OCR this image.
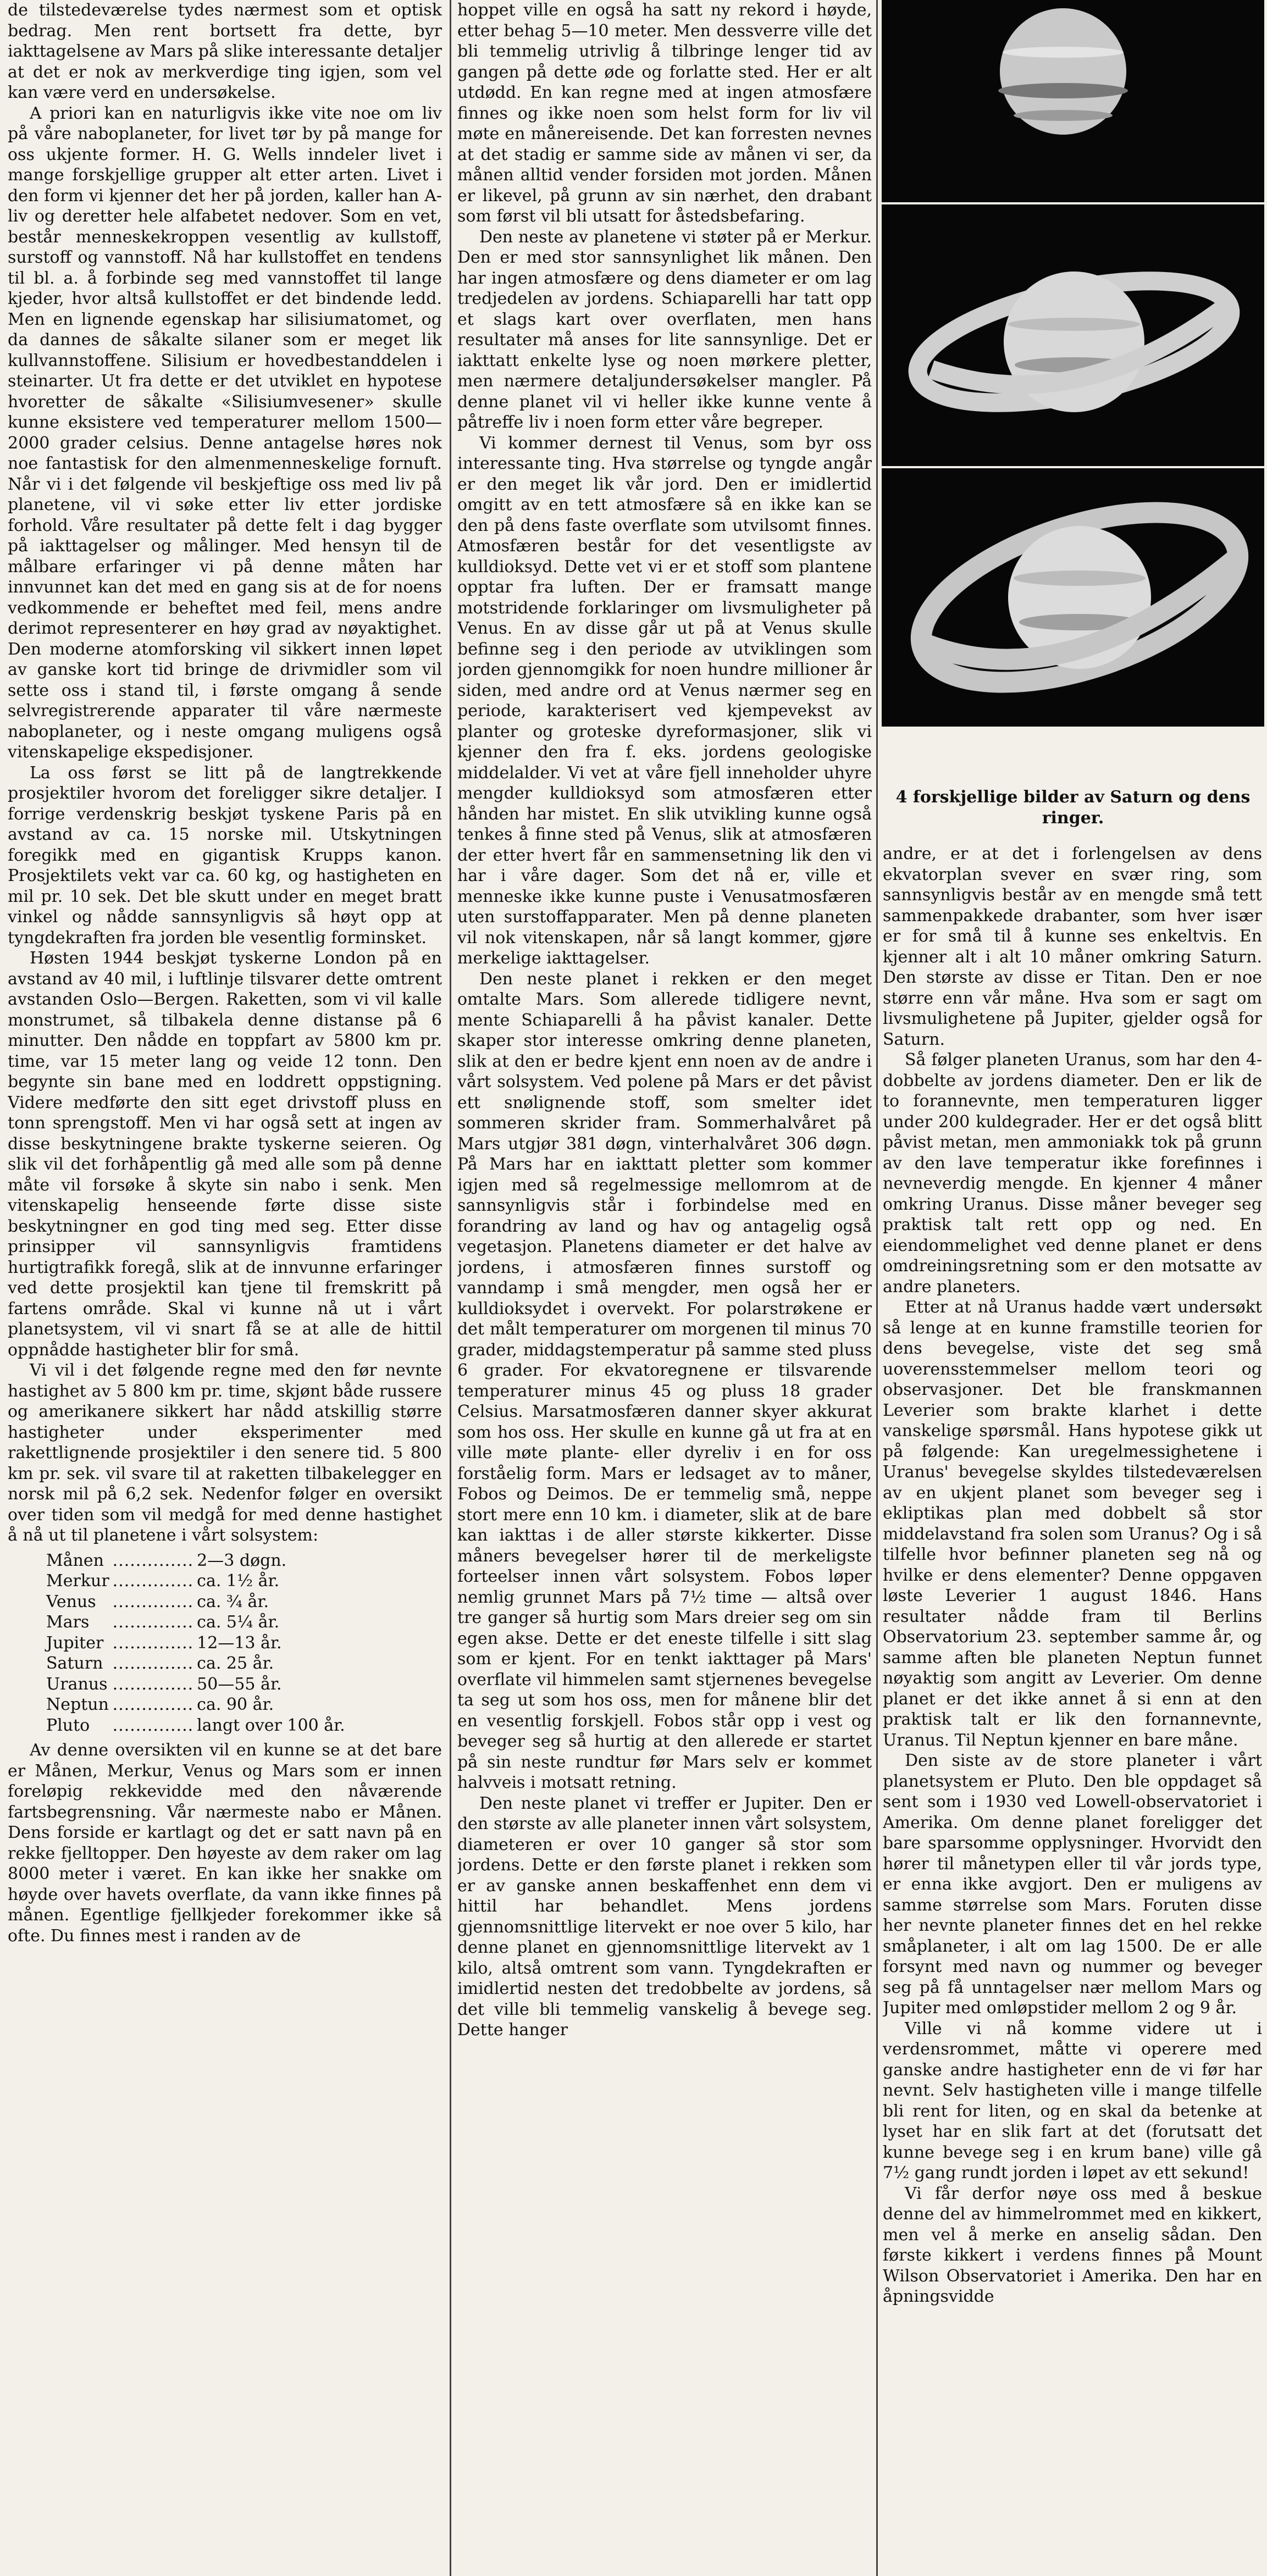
de tilstedeværelse tydes nærmest som et optisk bedrag. Men rent bortsett fra dette, byr iakttagelsene av Mars på slike interessante detaljer at det er nok av merkverdige ting igjen, som vel kan være verd en undersøkelse.

A priori kan en naturligvis ikke vite noe om liv på våre naboplaneter, for livet tør by på mange for oss ukjente former. H. G. Wells inndeler livet i mange forskjellige grupper alt etter arten. Livet i den form vi kjenner det her på jorden, kaller han A-liv og deretter hele alfabetet nedover. Som en vet, består menneskekroppen vesentlig av kullstoff, surstoff og vannstoff. Nå har kullstoffet en tendens til bl. a. å forbinde seg med vannstoffet til lange kjeder, hvor altså kullstoffet er det bindende ledd. Men en lignende egenskap har silisiumatomet, og da dannes de såkalte silaner som er meget lik kullvannstoffene. Silisium er hovedbestanddelen i steinarter. Ut fra dette er det utviklet en hypotese hvoretter de såkalte «Silisiumvesener» skulle kunne eksistere ved temperaturer mellom 1500—2000 grader celsius. Denne antagelse høres nok noe fantastisk for den almenmenneskelige fornuft. Når vi i det følgende vil beskjeftige oss med liv på planetene, vil vi søke etter liv etter jordiske forhold. Våre resultater på dette felt i dag bygger på iakttagelser og målinger. Med hensyn til de målbare erfaringer vi på denne måten har innvunnet kan det med en gang sis at de for noens vedkommende er beheftet med feil, mens andre derimot representerer en høy grad av nøyaktighet. Den moderne atomforsking vil sikkert innen løpet av ganske kort tid bringe de drivmidler som vil sette oss i stand til, i første omgang å sende selvregistrerende apparater til våre nærmeste naboplaneter, og i neste omgang muligens også vitenskapelige ekspedisjoner.

La oss først se litt på de langtrekkende prosjektiler hvorom det foreligger sikre detaljer. I forrige verdenskrig beskjøt tyskene Paris på en avstand av ca. 15 norske mil. Utskytningen foregikk med en gigantisk Krupps kanon. Prosjektilets vekt var ca. 60 kg, og hastigheten en mil pr. 10 sek. Det ble skutt under en meget bratt vinkel og nådde sannsynligvis så høyt opp at tyngdekraften fra jorden ble vesentlig forminsket.

Høsten 1944 beskjøt tyskerne London på en avstand av 40 mil, i luftlinje tilsvarer dette omtrent avstanden Oslo—Bergen. Raketten, som vi vil kalle monstrumet, så tilbakela denne distanse på 6 minutter. Den nådde en toppfart av 5800 km pr. time, var 15 meter lang og veide 12 tonn. Den begynte sin bane med en loddrett oppstigning. Videre medførte den sitt eget drivstoff pluss en tonn sprengstoff. Men vi har også sett at ingen av disse beskytningene brakte tyskerne seieren. Og slik vil det forhåpentlig gå med alle som på denne måte vil forsøke å skyte sin nabo i senk. Men vitenskapelig henseende førte disse siste beskytningner en god ting med seg. Etter disse prinsipper vil sannsynligvis framtidens hurtigtrafikk foregå, slik at de innvunne erfaringer ved dette prosjektil kan tjene til fremskritt på fartens område. Skal vi kunne nå ut i vårt planetsystem, vil vi snart få se at alle de hittil oppnådde hastigheter blir for små.

Vi vil i det følgende regne med den før nevnte hastighet av 5 800 km pr. time, skjønt både russere og amerikanere sikkert har nådd atskillig større hastigheter under eksperimenter med rakettlignende prosjektiler i den senere tid. 5 800 km pr. sek. vil svare til at raketten tilbakelegger en norsk mil på 6,2 sek. Nedenfor følger en oversikt over tiden som vil medgå for med denne hastighet å nå ut til planetene i vårt solsystem:

Månen	..............	2—3 døgn.
Merkur	..............	ca. 1½ år.
Venus	..............	ca. ¾ år.
Mars	..............	ca. 5¼ år.
Jupiter	..............	12—13 år.
Saturn	..............	ca. 25 år.
Uranus	..............	50—55 år.
Neptun	..............	ca. 90 år.
Pluto	..............	langt over 100 år.

Av denne oversikten vil en kunne se at det bare er Månen, Merkur, Venus og Mars som er innen foreløpig rekkevidde med den nåværende fartsbegrensning. Vår nærmeste nabo er Månen. Dens forside er kartlagt og det er satt navn på en rekke fjelltopper. Den høyeste av dem raker om lag 8000 meter i været. En kan ikke her snakke om høyde over havets overflate, da vann ikke finnes på månen. Egentlige fjellkjeder forekommer ikke så ofte. Du finnes mest i randen av de

hoppet ville en også ha satt ny rekord i høyde, etter behag 5—10 meter. Men dessverre ville det bli temmelig utrivlig å tilbringe lenger tid av gangen på dette øde og forlatte sted. Her er alt utdødd. En kan regne med at ingen atmosfære finnes og ikke noen som helst form for liv vil møte en månereisende. Det kan forresten nevnes at det stadig er samme side av månen vi ser, da månen alltid vender forsiden mot jorden. Månen er likevel, på grunn av sin nærhet, den drabant som først vil bli utsatt for åstedsbefaring.

Den neste av planetene vi støter på er Merkur. Den er med stor sannsynlighet lik månen. Den har ingen atmosfære og dens diameter er om lag tredjedelen av jordens. Schiaparelli har tatt opp et slags kart over overflaten, men hans resultater må anses for lite sannsynlige. Det er iakttatt enkelte lyse og noen mørkere pletter, men nærmere detaljundersøkelser mangler. På denne planet vil vi heller ikke kunne vente å påtreffe liv i noen form etter våre begreper.

Vi kommer dernest til Venus, som byr oss interessante ting. Hva størrelse og tyngde angår er den meget lik vår jord. Den er imidlertid omgitt av en tett atmosfære så en ikke kan se den på dens faste overflate som utvilsomt finnes. Atmosfæren består for det vesentligste av kulldioksyd. Dette vet vi er et stoff som plantene opptar fra luften. Der er framsatt mange motstridende forklaringer om livsmuligheter på Venus. En av disse går ut på at Venus skulle befinne seg i den periode av utviklingen som jorden gjennomgikk for noen hundre millioner år siden, med andre ord at Venus nærmer seg en periode, karakterisert ved kjempevekst av planter og groteske dyreformasjoner, slik vi kjenner den fra f. eks. jordens geologiske middelalder. Vi vet at våre fjell inneholder uhyre mengder kulldioksyd som atmosfæren etter hånden har mistet. En slik utvikling kunne også tenkes å finne sted på Venus, slik at atmosfæren der etter hvert får en sammensetning lik den vi har i våre dager. Som det nå er, ville et menneske ikke kunne puste i Venusatmosfæren uten surstoffapparater. Men på denne planeten vil nok vitenskapen, når så langt kommer, gjøre merkelige iakttagelser.

Den neste planet i rekken er den meget omtalte Mars. Som allerede tidligere nevnt, mente Schiaparelli å ha påvist kanaler. Dette skaper stor interesse omkring denne planeten, slik at den er bedre kjent enn noen av de andre i vårt solsystem. Ved polene på Mars er det påvist ett snølignende stoff, som smelter idet sommeren skrider fram. Sommerhalvåret på Mars utgjør 381 døgn, vinterhalvåret 306 døgn. På Mars har en iakttatt pletter som kommer igjen med så regelmessige mellomrom at de sannsynligvis står i forbindelse med en forandring av land og hav og antagelig også vegetasjon. Planetens diameter er det halve av jordens, i atmosfæren finnes surstoff og vanndamp i små mengder, men også her er kulldioksydet i overvekt. For polarstrøkene er det målt temperaturer om morgenen til minus 70 grader, middagstemperatur på samme sted pluss 6 grader. For ekvatoregnene er tilsvarende temperaturer minus 45 og pluss 18 grader Celsius. Marsatmosfæren danner skyer akkurat som hos oss. Her skulle en kunne gå ut fra at en ville møte plante- eller dyreliv i en for oss forståelig form. Mars er ledsaget av to måner, Fobos og Deimos. De er temmelig små, neppe stort mere enn 10 km. i diameter, slik at de bare kan iakttas i de aller største kikkerter. Disse måners bevegelser hører til de merkeligste forteelser innen vårt solsystem. Fobos løper nemlig grunnet Mars på 7½ time — altså over tre ganger så hurtig som Mars dreier seg om sin egen akse. Dette er det eneste tilfelle i sitt slag som er kjent. For en tenkt iakttager på Mars' overflate vil himmelen samt stjernenes bevegelse ta seg ut som hos oss, men for månene blir det en vesentlig forskjell. Fobos står opp i vest og beveger seg så hurtig at den allerede er startet på sin neste rundtur før Mars selv er kommet halvveis i motsatt retning.

Den neste planet vi treffer er Jupiter. Den er den største av alle planeter innen vårt solsystem, diameteren er over 10 ganger så stor som jordens. Dette er den første planet i rekken som er av ganske annen beskaffenhet enn dem vi hittil har behandlet. Mens jordens gjennomsnittlige litervekt er noe over 5 kilo, har denne planet en gjennomsnittlige litervekt av 1 kilo, altså omtrent som vann. Tyngdekraften er imidlertid nesten det tredobbelte av jordens, så det ville bli temmelig vanskelig å bevege seg. Dette hanger

4 forskjellige bilder av Saturn og dens ringer.

andre, er at det i forlengelsen av dens ekvatorplan svever en svær ring, som sannsynligvis består av en mengde små tett sammenpakkede drabanter, som hver især er for små til å kunne ses enkeltvis. En kjenner alt i alt 10 måner omkring Saturn. Den største av disse er Titan. Den er noe større enn vår måne. Hva som er sagt om livsmulighetene på Jupiter, gjelder også for Saturn.

Så følger planeten Uranus, som har den 4-dobbelte av jordens diameter. Den er lik de to forannevnte, men temperaturen ligger under 200 kuldegrader. Her er det også blitt påvist metan, men ammoniakk tok på grunn av den lave temperatur ikke forefinnes i nevneverdig mengde. En kjenner 4 måner omkring Uranus. Disse måner beveger seg praktisk talt rett opp og ned. En eiendommelighet ved denne planet er dens omdreiningsretning som er den motsatte av andre planeters.

Etter at nå Uranus hadde vært undersøkt så lenge at en kunne framstille teorien for dens bevegelse, viste det seg små uoverensstemmelser mellom teori og observasjoner. Det ble franskmannen Leverier som brakte klarhet i dette vanskelige spørsmål. Hans hypotese gikk ut på følgende: Kan uregelmessighetene i Uranus' bevegelse skyldes tilstedeværelsen av en ukjent planet som beveger seg i ekliptikas plan med dobbelt så stor middelavstand fra solen som Uranus? Og i så tilfelle hvor befinner planeten seg nå og hvilke er dens elementer? Denne oppgaven løste Leverier 1 august 1846. Hans resultater nådde fram til Berlins Observatorium 23. september samme år, og samme aften ble planeten Neptun funnet nøyaktig som angitt av Leverier. Om denne planet er det ikke annet å si enn at den praktisk talt er lik den fornannevnte, Uranus. Til Neptun kjenner en bare måne.

Den siste av de store planeter i vårt planetsystem er Pluto. Den ble oppdaget så sent som i 1930 ved Lowell-observatoriet i Amerika. Om denne planet foreligger det bare sparsomme opplysninger. Hvorvidt den hører til månetypen eller til vår jords type, er enna ikke avgjort. Den er muligens av samme størrelse som Mars. Foruten disse her nevnte planeter finnes det en hel rekke småplaneter, i alt om lag 1500. De er alle forsynt med navn og nummer og beveger seg på få unntagelser nær mellom Mars og Jupiter med omløpstider mellom 2 og 9 år.

Ville vi nå komme videre ut i verdensrommet, måtte vi operere med ganske andre hastigheter enn de vi før har nevnt. Selv hastigheten ville i mange tilfelle bli rent for liten, og en skal da betenke at lyset har en slik fart at det (forutsatt det kunne bevege seg i en krum bane) ville gå 7½ gang rundt jorden i løpet av ett sekund!

Vi får derfor nøye oss med å beskue denne del av himmelrommet med en kikkert, men vel å merke en anselig sådan. Den første kikkert i verdens finnes på Mount Wilson Observatoriet i Amerika. Den har en åpningsvidde
